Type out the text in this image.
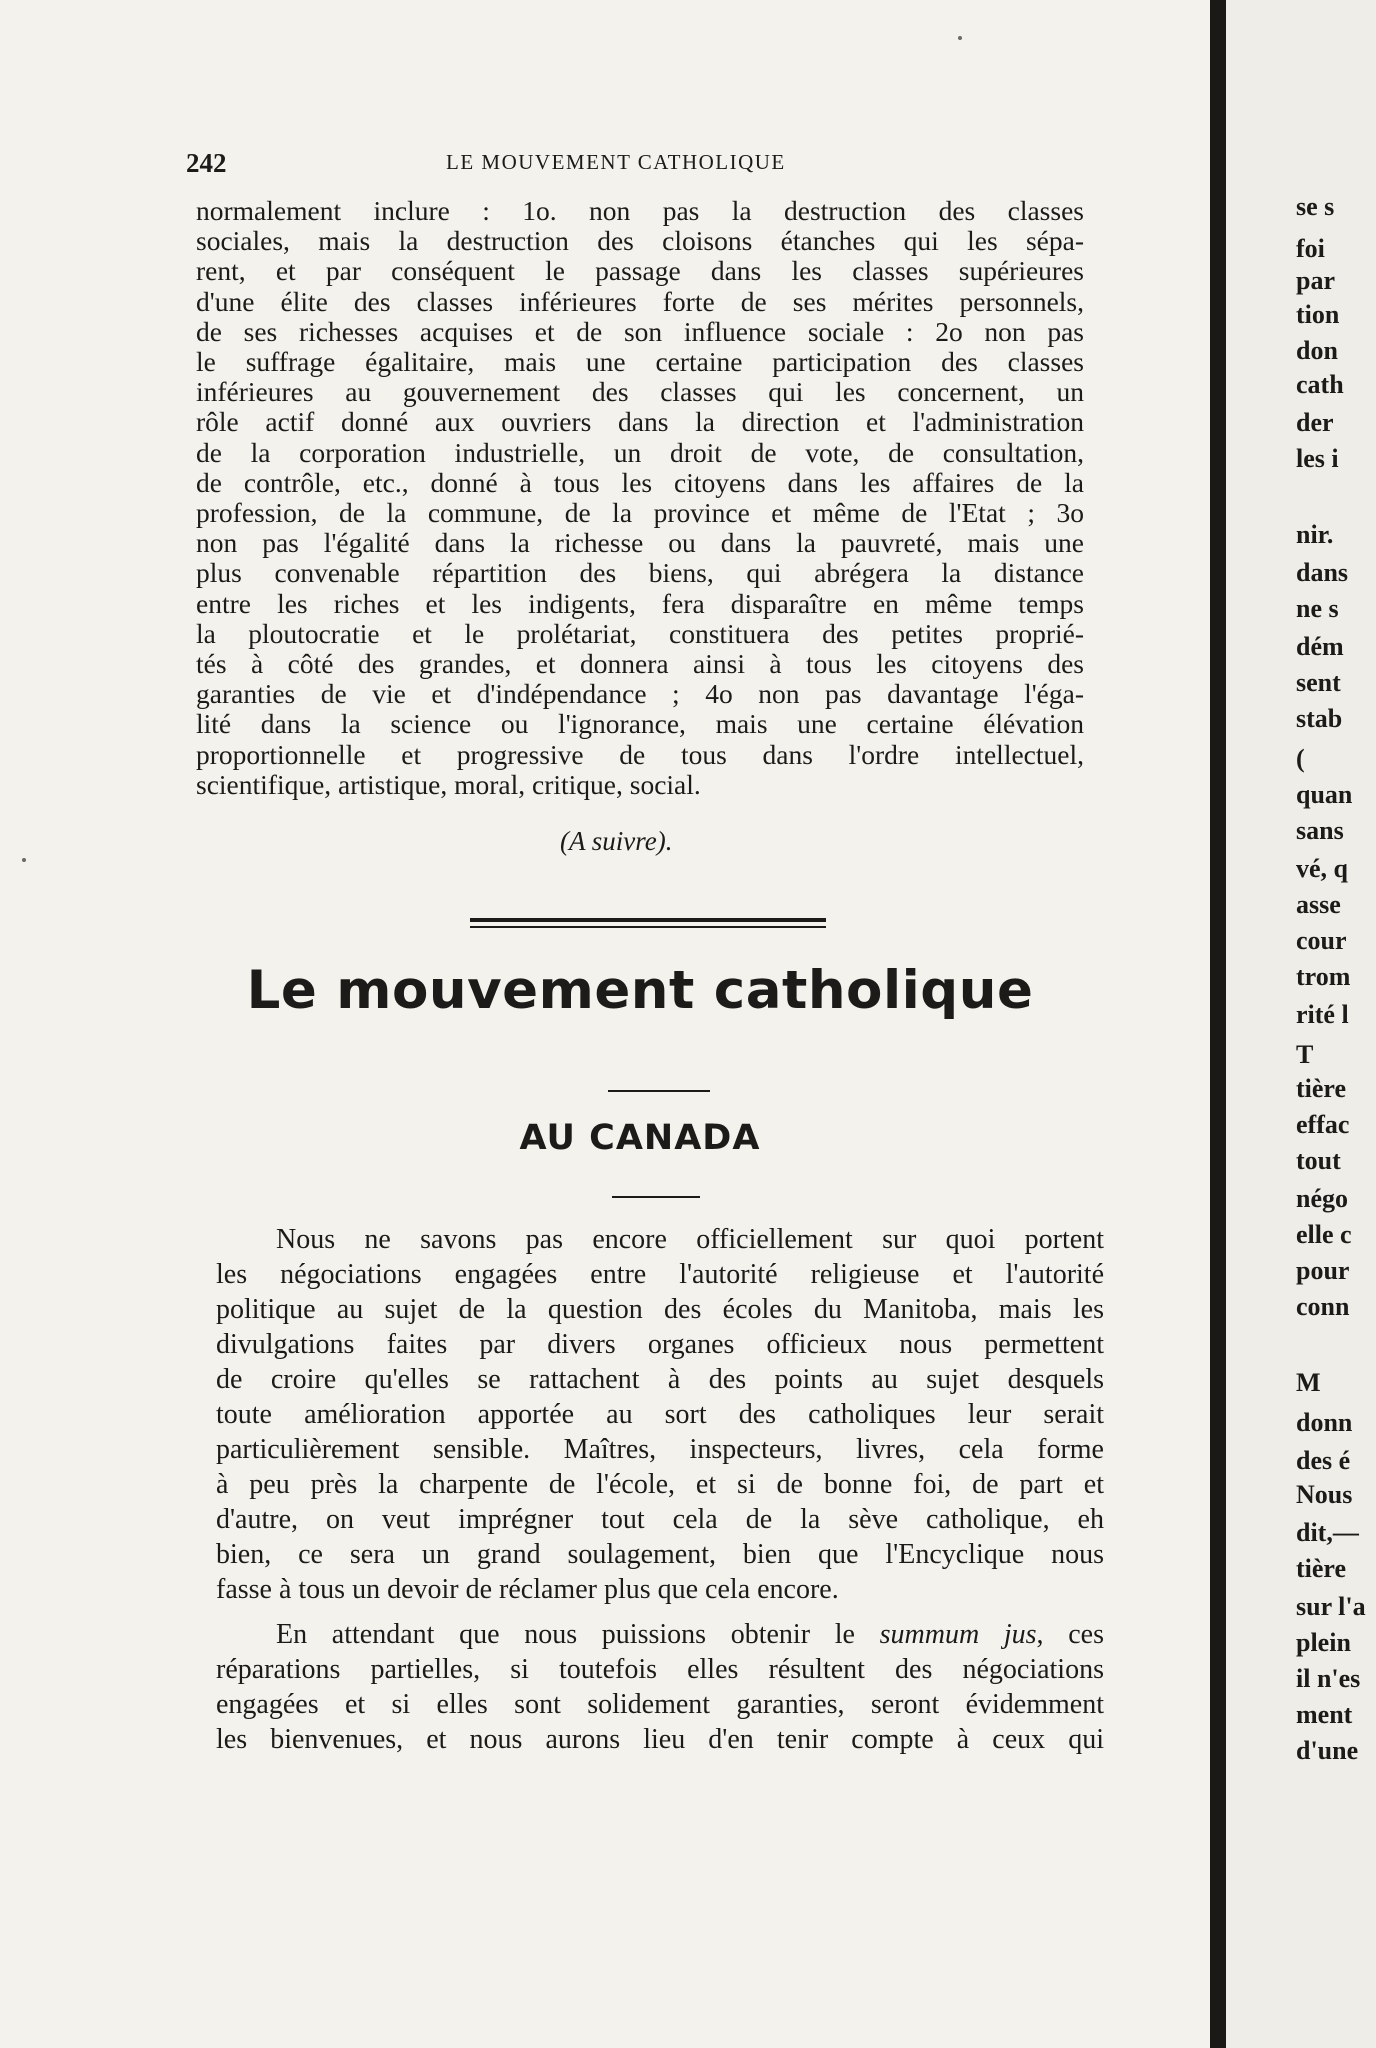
242	LE MOUVEMENT CATHOLIQUE
normalement inclure : 1o. non pas la destruction des classes
sociales, mais la destruction des cloisons étanches qui les sépa-
rent, et par conséquent le passage dans les classes supérieures
d'une élite des classes inférieures forte de ses mérites personnels,
de ses richesses acquises et de son influence sociale : 2o non pas
le suffrage égalitaire, mais une certaine participation des classes
inférieures au gouvernement des classes qui les concernent, un
rôle actif donné aux ouvriers dans la direction et l'administration
de la corporation industrielle, un droit de vote, de consultation,
de contrôle, etc., donné à tous les citoyens dans les affaires de la
profession, de la commune, de la province et même de l'Etat ; 3o
non pas l'égalité dans la richesse ou dans la pauvreté, mais une
plus convenable répartition des biens, qui abrégera la distance
entre les riches et les indigents, fera disparaître en même temps
la ploutocratie et le prolétariat, constituera des petites proprié-
tés à côté des grandes, et donnera ainsi à tous les citoyens des
garanties de vie et d'indépendance ; 4o non pas davantage l'éga-
lité dans la science ou l'ignorance, mais une certaine élévation
proportionnelle et progressive de tous dans l'ordre intellectuel,
scientifique, artistique, moral, critique, social.
(A suivre).
Le mouvement catholique
AU CANADA
Nous ne savons pas encore officiellement sur quoi portent
les négociations engagées entre l'autorité religieuse et l'autorité
politique au sujet de la question des écoles du Manitoba, mais les
divulgations faites par divers organes officieux nous permettent
de croire qu'elles se rattachent à des points au sujet desquels
toute amélioration apportée au sort des catholiques leur serait
particulièrement sensible. Maîtres, inspecteurs, livres, cela forme
à peu près la charpente de l'école, et si de bonne foi, de part et
d'autre, on veut imprégner tout cela de la sève catholique, eh
bien, ce sera un grand soulagement, bien que l'Encyclique nous
fasse à tous un devoir de réclamer plus que cela encore.
En attendant que nous puissions obtenir le summum jus, ces
réparations partielles, si toutefois elles résultent des négociations
engagées et si elles sont solidement garanties, seront évidemment
les bienvenues, et nous aurons lieu d'en tenir compte à ceux qui
se s
foi
par
tion
don
cath
der
les i
nir.
dans
ne s
dém
sent
stab
(
quan
sans
vé, q
asse
cour
trom
rité l
T
tière
effac
tout
négo
elle c
pour
conn
M
donn
des é
Nous
dit,—
tière
sur l'a
plein
il n'es
ment
d'une
